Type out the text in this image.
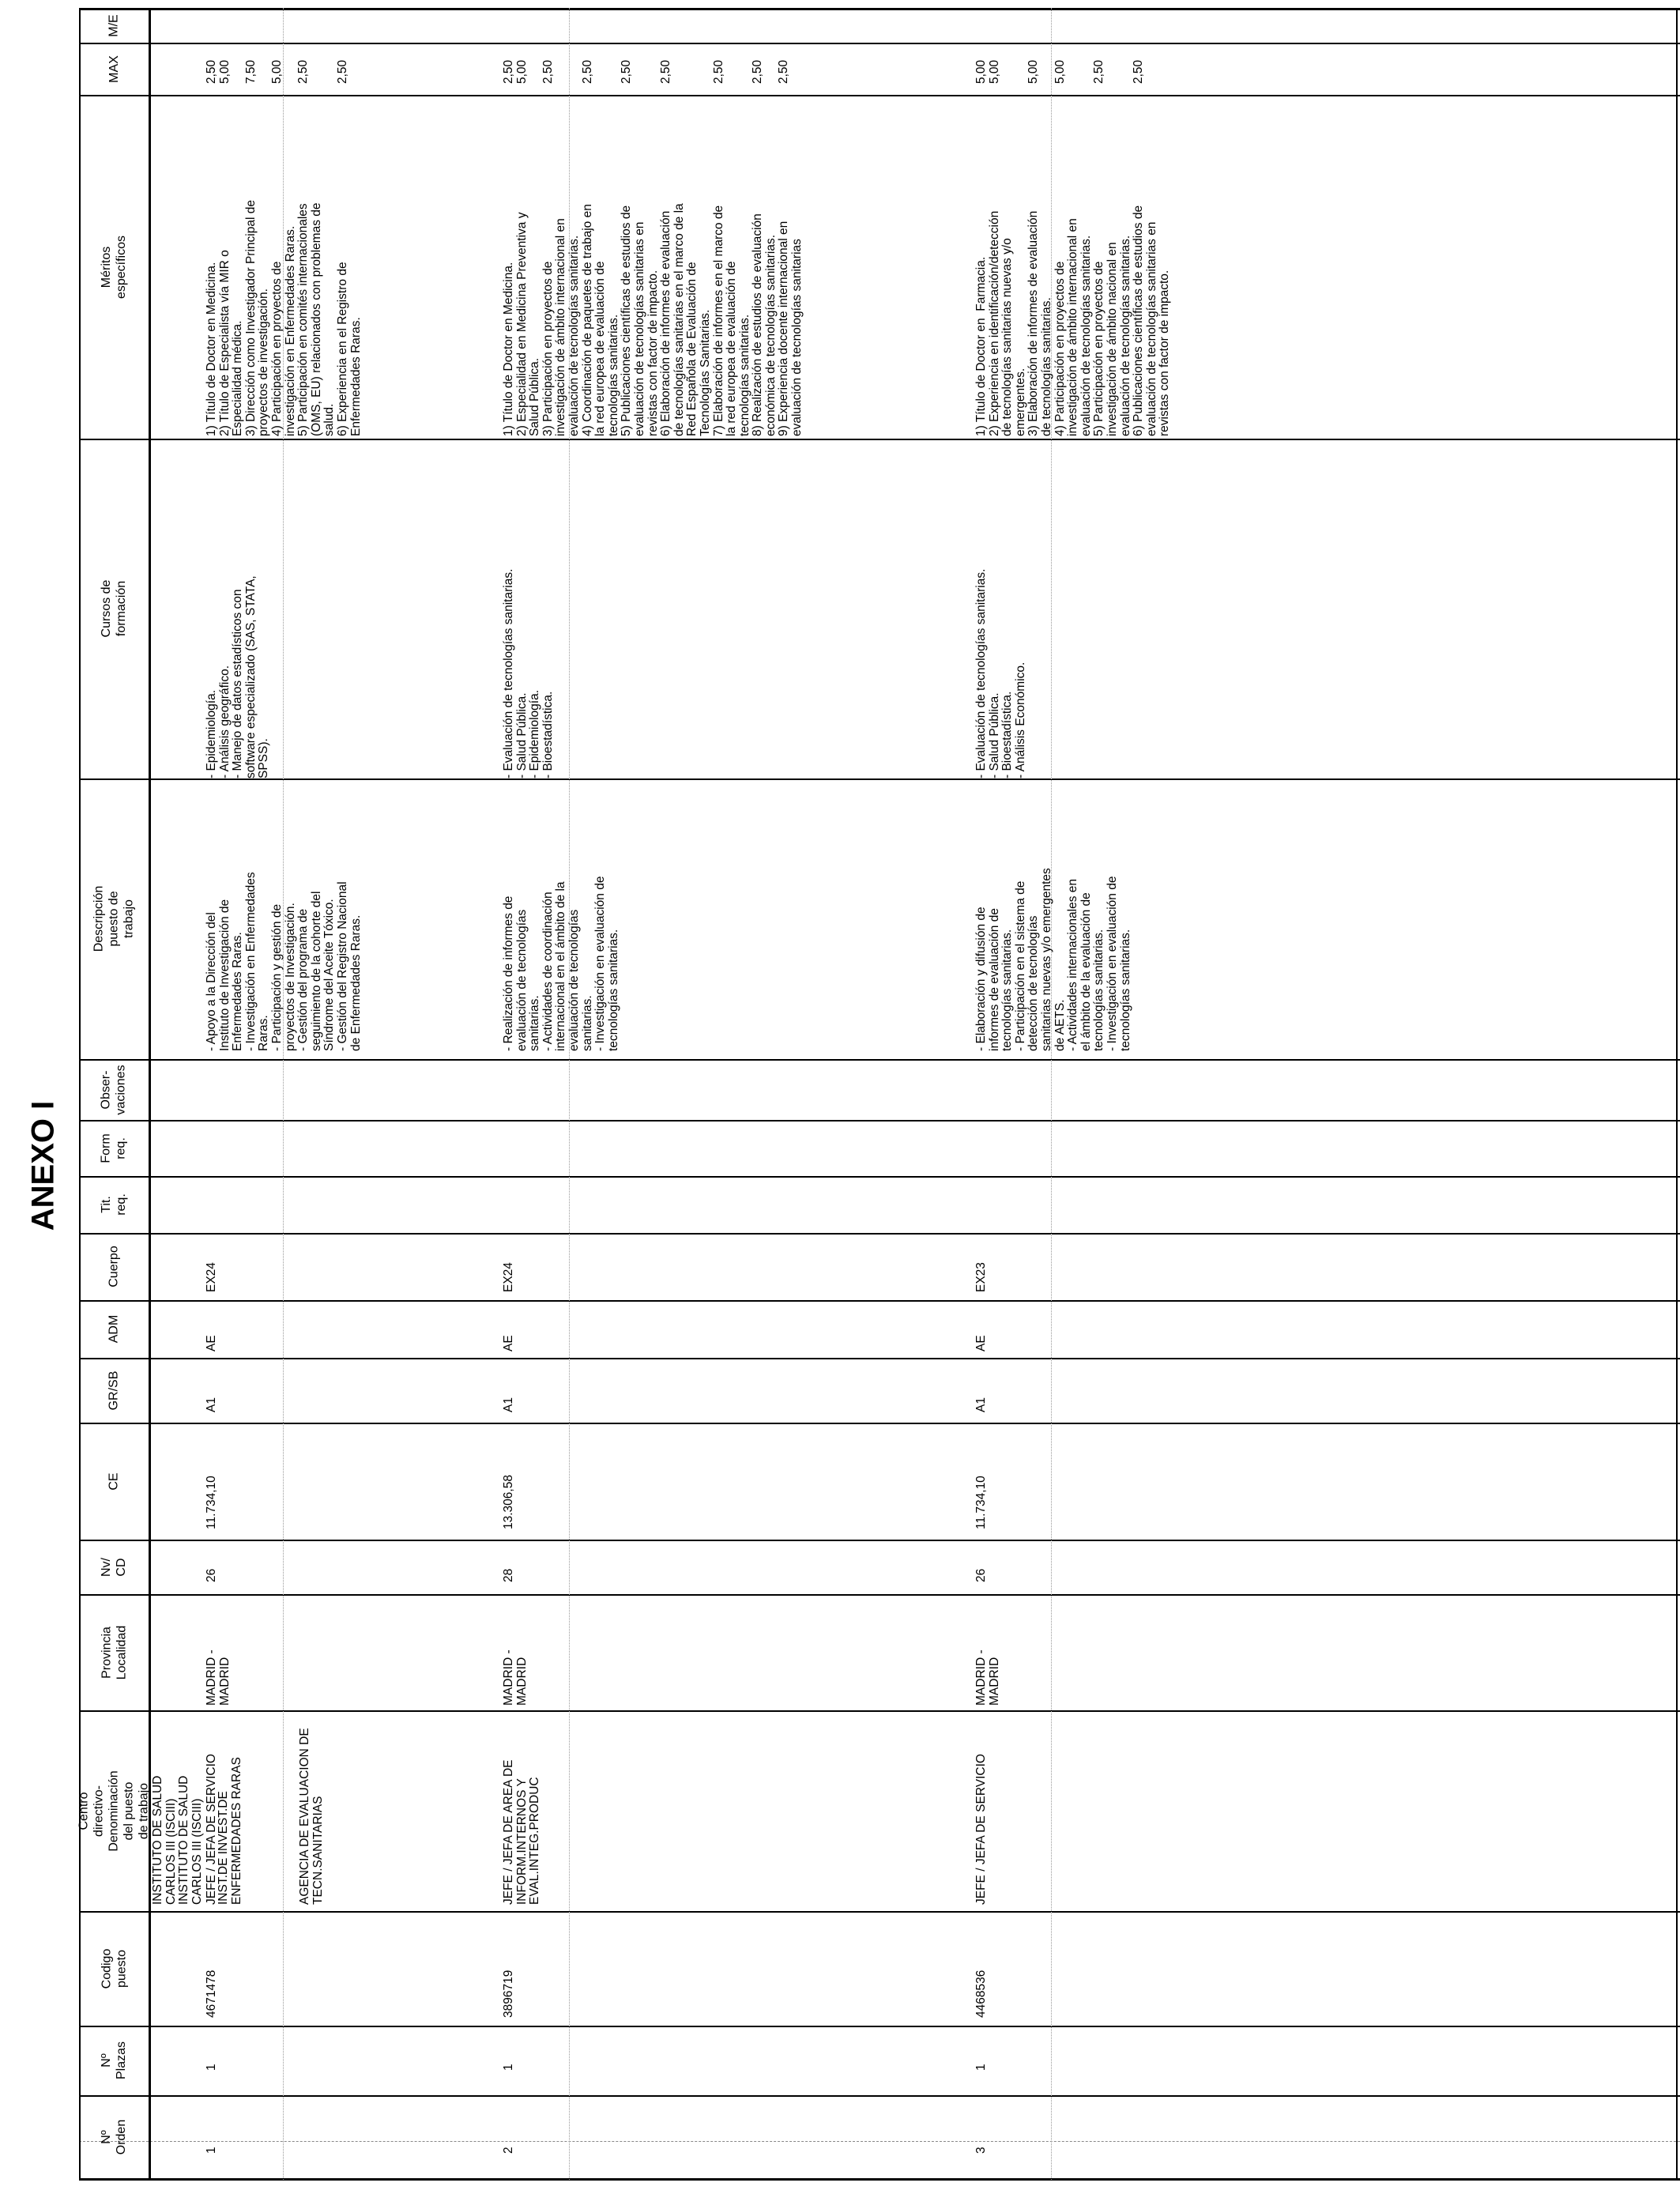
ANEXO I
M/E
MAX
Méritos específicos
Cursos de formación
Descripción puesto de
trabajo
Obser-
vaciones
Form
req.
Tit.
req.
Cuerpo
ADM
GR/SB
CE
Nv/
CD
Provincia
Localidad
Centro directivo-
Denominación del puesto
de trabajo
Codigo
puesto
Nº
Plazas
Nº
Orden
INSTITUTO DE SALUD
CARLOS III (ISCIII)
INSTITUTO DE SALUD
CARLOS III (ISCIII)

INST.DE INVEST.DE
ENFERMEDADES RARAS
1
1
4671478
JEFE / JEFA DE SERVICIO
MADRID -
MADRID
26
11.734,10
A1
AE
EX24
- Apoyo a la Dirección del
Instituto de Investigación de
Enfermedades Raras.
- Investigación en Enfermedades
Raras.
- Participación y gestión de
proyectos de Investigación.
- Gestión del programa de
seguimiento de la cohorte del
Síndrome del Aceite Tóxico.
- Gestión del Registro Nacional
de Enfermedades Raras.
- Epidemiología.
- Análisis geográfico.
- Manejo de datos estadísticos con
software especializado (SAS, STATA,
SPSS).
1) Título de Doctor en Medicina.
2) Título de Especialista vía MIR o
Especialidad médica.
3) Dirección como Investigador Principal de
proyectos de investigación.
4) Participación en proyectos de
investigación en Enfermedades Raras.
5) Participación en comités internacionales
(OMS, EU) relacionados con problemas de
salud.
6) Experiencia en el Registro de
Enfermedades Raras.
2,50
5,00

7,50

5,00

2,50

2,50
AGENCIA DE EVALUACION DE
TECN.SANITARIAS
2
1
3896719
JEFE / JEFA DE AREA DE
INFORM.INTERNOS Y
EVAL.INTEG.PRODUC
MADRID -
MADRID
28
13.306,58
A1
AE
EX24
- Realización de informes de
evaluación de tecnologías
sanitarias.
- Actividades de coordinación
internacional en el ámbito de la
evaluación de tecnologías
sanitarias.
- Investigación en evaluación de
tecnologías sanitarias.
- Evaluación de tecnologías sanitarias.
- Salud Pública.
- Epidemiología.
- Bioestadística.
1) Título de Doctor en Medicina.
2) Especialidad en Medicina Preventiva y
Salud Pública.
3) Participación en proyectos de
investigación de ámbito internacional en
evaluación de tecnologías sanitarias.
4) Coordinación de paquetes de trabajo en
la red europea de evaluación de
tecnologías sanitarias.
5) Publicaciones científicas de estudios de
evaluación de tecnologías sanitarias en
revistas con factor de impacto.
6) Elaboración de informes de evaluación
de tecnologías sanitarias en el marco de la
Red Española de Evaluación de
Tecnologías Sanitarias.
7) Elaboración de informes en el marco de
la red europea de evaluación de
tecnologías sanitarias.
8) Realización de estudios de evaluación
económica de tecnologías sanitarias.
9) Experiencia docente internacional en
evaluación de tecnologías sanitarias
2,50
5,00

2,50

2,50

2,50

2,50

2,50

2,50

2,50
3
1
4468536
JEFE / JEFA DE SERVICIO
MADRID -
MADRID
26
11.734,10
A1
AE
EX23
- Elaboración y difusión de
informes de evaluación de
tecnologías sanitarias.
- Participación en el sistema de
detección de tecnologías
sanitarias nuevas y/o emergentes
de AETS.
- Actividades internacionales en
el ámbito de la evaluación de
tecnologías sanitarias.
- Investigación en evaluación de
tecnologías sanitarias.
- Evaluación de tecnologías sanitarias.
- Salud Pública.
- Bioestadística.
- Análisis Económico.
1) Título de Doctor en  Farmacia.
2) Experiencia en identificación/detección
de tecnologías sanitarias nuevas y/o
emergentes.
3) Elaboración de informes de evaluación
de tecnologías sanitarias.
4) Participación en proyectos de
investigación de ámbito internacional en
evaluación de tecnologías sanitarias.
5) Participación en proyectos de
investigación de ámbito nacional en
evaluación de tecnologías sanitarias.
6) Publicaciones científicas de estudios de
evaluación de tecnologías sanitarias en
revistas con factor de impacto.
5,00
5,00

5,00

5,00

2,50

2,50
